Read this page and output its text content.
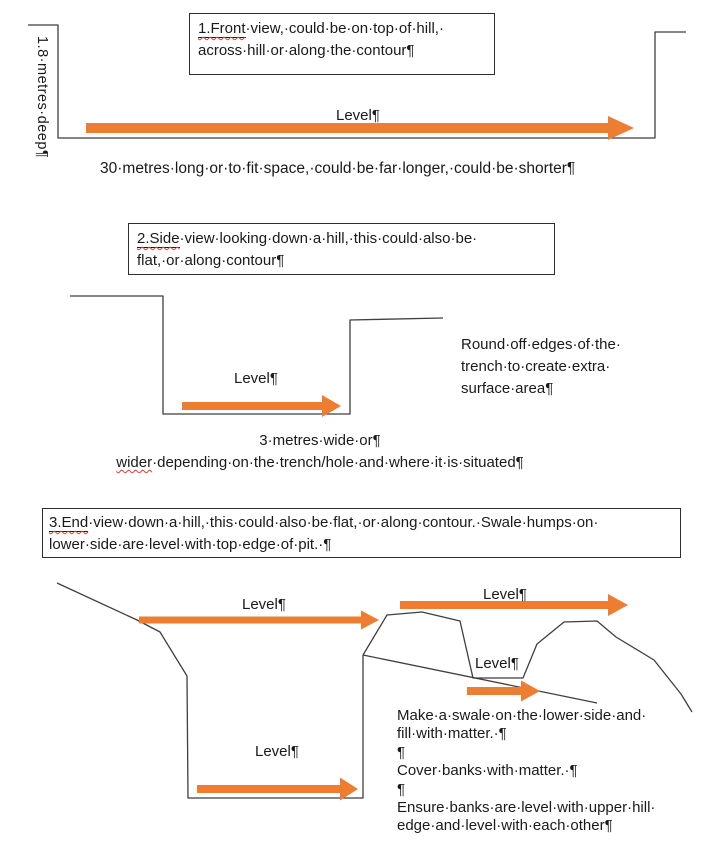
1.8·metres·deep¶
1.Front·view,·could·be·on·top·of·hill,·
across·hill·or·along·the·contour¶
Level¶
30·metres·long·or·to·fit·space,·could·be·far·longer,·could·be·shorter¶
2.Side·view·looking·down·a·hill,·this·could·also·be·
flat,·or·along·contour¶
Round·off·edges·of·the·
trench·to·create·extra·
surface·area¶
Level¶
3·metres·wide·or¶
wider·depending·on·the·trench/hole·and·where·it·is·situated¶
3.End·view·down·a·hill,·this·could·also·be·flat,·or·along·contour.·Swale·humps·on·
lower·side·are·level·with·top·edge·of·pit.·¶
Level¶
Level¶
Level¶
Level¶
Make·a·swale·on·the·lower·side·and·
fill·with·matter.·¶
¶
Cover·banks·with·matter.·¶
¶
Ensure·banks·are·level·with·upper·hill·
edge·and·level·with·each·other¶
